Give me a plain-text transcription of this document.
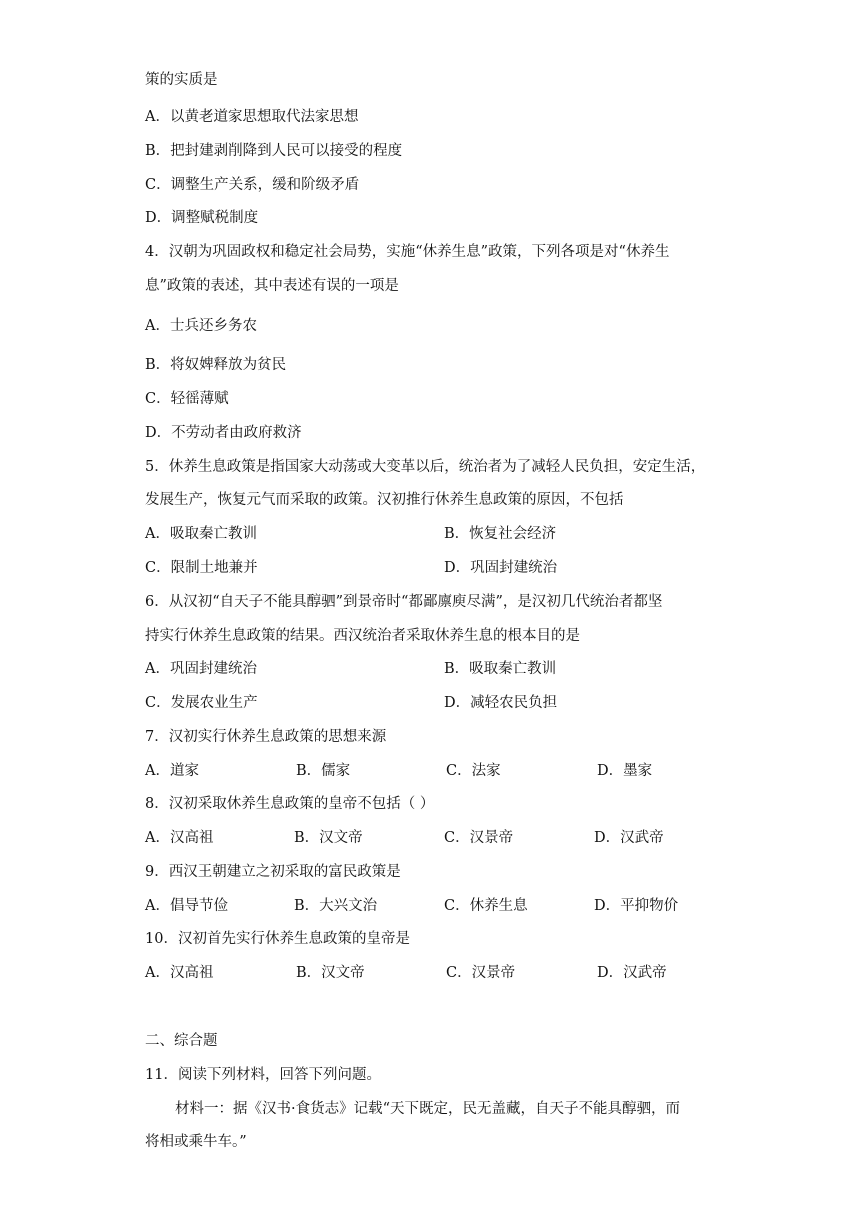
策的实质是
A．以黄老道家思想取代法家思想
B．把封建剥削降到人民可以接受的程度
C．调整生产关系，缓和阶级矛盾
D．调整赋税制度
4．汉朝为巩固政权和稳定社会局势，实施“休养生息”政策，下列各项是对“休养生
息”政策的表述，其中表述有误的一项是
A．士兵还乡务农
B．将奴婢释放为贫民
C．轻徭薄赋
D．不劳动者由政府救济
5．休养生息政策是指国家大动荡或大变革以后，统治者为了减轻人民负担，安定生活，
发展生产，恢复元气而采取的政策。汉初推行休养生息政策的原因，不包括
A．吸取秦亡教训	B．恢复社会经济
C．限制土地兼并	D．巩固封建统治
6．从汉初“自天子不能具醇驷”到景帝时“都鄙廪庾尽满”，是汉初几代统治者都坚
持实行休养生息政策的结果。西汉统治者采取休养生息的根本目的是
A．巩固封建统治	B．吸取秦亡教训
C．发展农业生产	D．减轻农民负担
7．汉初实行休养生息政策的思想来源
A．道家	B．儒家	C．法家	D．墨家
8．汉初采取休养生息政策的皇帝不包括（ ）
A．汉高祖	B．汉文帝	C．汉景帝	D．汉武帝
9．西汉王朝建立之初采取的富民政策是
A．倡导节俭	B．大兴文治	C．休养生息	D．平抑物价
10．汉初首先实行休养生息政策的皇帝是
A．汉高祖	B．汉文帝	C．汉景帝	D．汉武帝
二、综合题
11．阅读下列材料，回答下列问题。
材料一：据《汉书·食货志》记载“天下既定，民无盖藏，自天子不能具醇驷，而
将相或乘牛车。”
